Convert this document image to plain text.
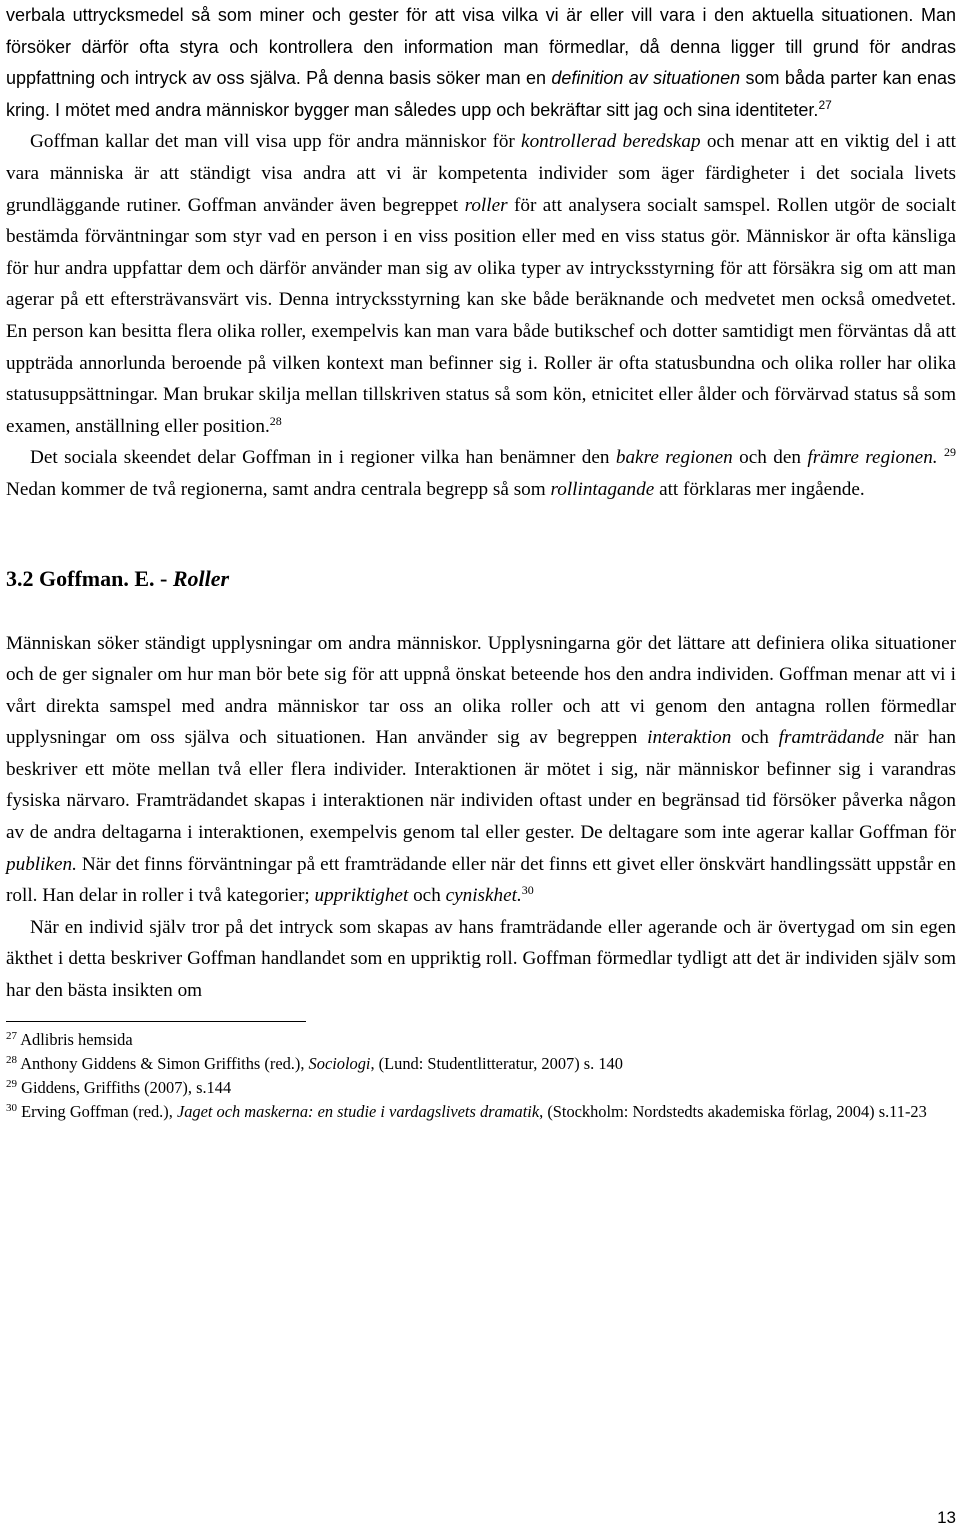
verbala uttrycksmedel så som miner och gester för att visa vilka vi är eller vill vara i den aktuella situationen. Man försöker därför ofta styra och kontrollera den information man förmedlar, då denna ligger till grund för andras uppfattning och intryck av oss själva. På denna basis söker man en definition av situationen som båda parter kan enas kring. I mötet med andra människor bygger man således upp och bekräftar sitt jag och sina identiteter.$^{27}$

Goffman kallar det man vill visa upp för andra människor för kontrollerad beredskap och menar att en viktig del i att vara människa är att ständigt visa andra att vi är kompetenta individer som äger färdigheter i det sociala livets grundläggande rutiner. Goffman använder även begreppet roller för att analysera socialt samspel. Rollen utgör de socialt bestämda förväntningar som styr vad en person i en viss position eller med en viss status gör. Människor är ofta känsliga för hur andra uppfattar dem och därför använder man sig av olika typer av intrycksstyrning för att försäkra sig om att man agerar på ett eftersträvansvärt vis. Denna intrycksstyrning kan ske både beräknande och medvetet men också omedvetet. En person kan besitta flera olika roller, exempelvis kan man vara både butikschef och dotter samtidigt men förväntas då att uppträda annorlunda beroende på vilken kontext man befinner sig i. Roller är ofta statusbundna och olika roller har olika statusuppsättningar. Man brukar skilja mellan tillskriven status så som kön, etnicitet eller ålder och förvärvad status så som examen, anställning eller position.$^{28}$

Det sociala skeendet delar Goffman in i regioner vilka han benämner den bakre regionen och den främre regionen. $^{29}$ Nedan kommer de två regionerna, samt andra centrala begrepp så som rollintagande att förklaras mer ingående.

3.2 Goffman. E. - Roller

Människan söker ständigt upplysningar om andra människor. Upplysningarna gör det lättare att definiera olika situationer och de ger signaler om hur man bör bete sig för att uppnå önskat beteende hos den andra individen. Goffman menar att vi i vårt direkta samspel med andra människor tar oss an olika roller och att vi genom den antagna rollen förmedlar upplysningar om oss själva och situationen. Han använder sig av begreppen interaktion och framträdande när han beskriver ett möte mellan två eller flera individer. Interaktionen är mötet i sig, när människor befinner sig i varandras fysiska närvaro. Framträdandet skapas i interaktionen när individen oftast under en begränsad tid försöker påverka någon av de andra deltagarna i interaktionen, exempelvis genom tal eller gester. De deltagare som inte agerar kallar Goffman för publiken. När det finns förväntningar på ett framträdande eller när det finns ett givet eller önskvärt handlingssätt uppstår en roll. Han delar in roller i två kategorier; uppriktighet och cyniskhet.$^{30}$

När en individ själv tror på det intryck som skapas av hans framträdande eller agerande och är övertygad om sin egen äkthet i detta beskriver Goffman handlandet som en uppriktig roll. Goffman förmedlar tydligt att det är individen själv som har den bästa insikten om

$^{27}$ Adlibris hemsida

$^{28}$ Anthony Giddens & Simon Griffiths (red.), Sociologi, (Lund: Studentlitteratur, 2007) s. 140

$^{29}$ Giddens, Griffiths (2007), s.144

$^{30}$ Erving Goffman (red.), Jaget och maskerna: en studie i vardagslivets dramatik, (Stockholm: Nordstedts akademiska förlag, 2004) s.11-23

13
